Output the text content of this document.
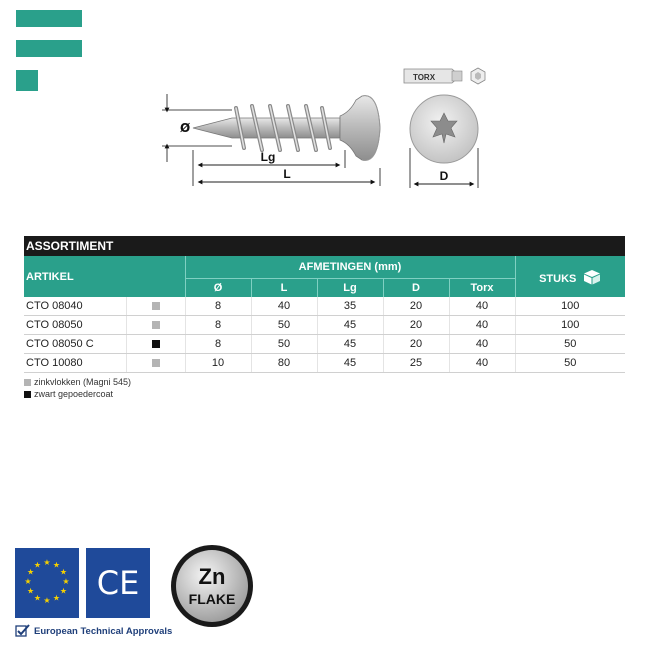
Ø
Lg
L
TORX
D
ASSORTIMENT							
ARTIKEL		AFMETINGEN (mm)					STUKS
		Ø	L	Lg	D	Torx	
CTO 08040		8	40	35	20	40	100
CTO 08050		8	50	45	20	40	100
CTO 08050 C		8	50	45	20	40	50
CTO 10080		10	80	45	25	40	50
zinkvlokken (Magni 545)
zwart gepoedercoat
★ ★
★
★
★
★
★
★
★
★
★
★ CE	Zn
FLAKE
European Technical Approvals
